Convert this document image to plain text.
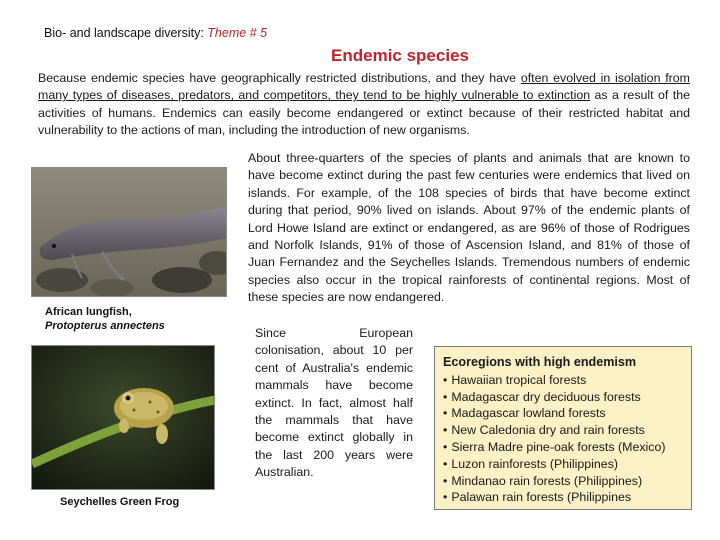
Bio- and landscape diversity: Theme # 5
Endemic species

Because endemic species have geographically restricted distributions, and they have often evolved in isolation from many types of diseases, predators, and competitors, they tend to be highly vulnerable to extinction as a result of the activities of humans. Endemics can easily become endangered or extinct because of their restricted habitat and vulnerability to the actions of man, including the introduction of new organisms.

African lungfish,
Protopterus annectens

About three-quarters of the species of plants and animals that are known to have become extinct during the past few centuries were endemics that lived on islands. For example, of the 108 species of birds that have become extinct during that period, 90% lived on islands. About 97% of the endemic plants of Lord Howe Island are extinct or endangered, as are 96% of those of Rodrigues and Norfolk Islands, 91% of those of Ascension Island, and 81% of those of Juan Fernandez and the Seychelles Islands. Tremendous numbers of endemic species also occur in the tropical rainforests of continental regions. Most of these species are now endangered.

Since European colonisation, about 10 per cent of Australia's endemic mammals have become extinct. In fact, almost half the mammals that have become extinct globally in the last 200 years were Australian.

Seychelles Green Frog
Ecoregions with high endemism
• Hawaiian tropical forests
• Madagascar dry deciduous forests
• Madagascar lowland forests
• New Caledonia dry and rain forests
• Sierra Madre pine-oak forests (Mexico)
• Luzon rainforests (Philippines)
• Mindanao rain forests (Philippines)
• Palawan rain forests (Philippines
